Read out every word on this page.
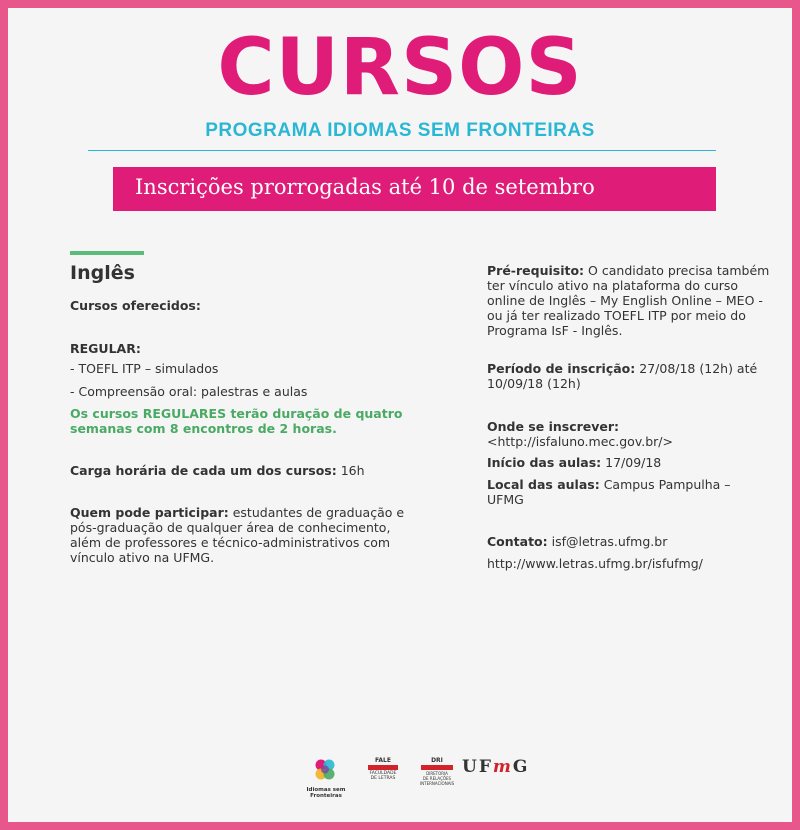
CURSOS
PROGRAMA IDIOMAS SEM FRONTEIRAS
Inscrições prorrogadas até 10 de setembro
Inglês
Cursos oferecidos:
REGULAR:
- TOEFL ITP – simulados
- Compreensão oral: palestras e aulas
Os cursos REGULARES terão duração de quatro
semanas com 8 encontros de 2 horas.
Carga horária de cada um dos cursos: 16h
Quem pode participar: estudantes de graduação e
pós-graduação de qualquer área de conhecimento,
além de professores e técnico-administrativos com
vínculo ativo na UFMG.
Pré-requisito: O candidato precisa também
ter vínculo ativo na plataforma do curso
online de Inglês – My English Online – MEO -
ou já ter realizado TOEFL ITP por meio do
Programa IsF - Inglês.
Período de inscrição: 27/08/18 (12h) até
10/09/18 (12h)
Onde se inscrever:
<http://isfaluno.mec.gov.br/>
Início das aulas: 17/09/18
Local das aulas: Campus Pampulha –
UFMG
Contato: isf@letras.ufmg.br
http://www.letras.ufmg.br/isfufmg/
Idiomas sem Fronteiras
FALE
FACULDADE
DE LETRAS
DRI
DIRETORIA
DE RELAÇÕES
INTERNACIONAIS
UFmG
